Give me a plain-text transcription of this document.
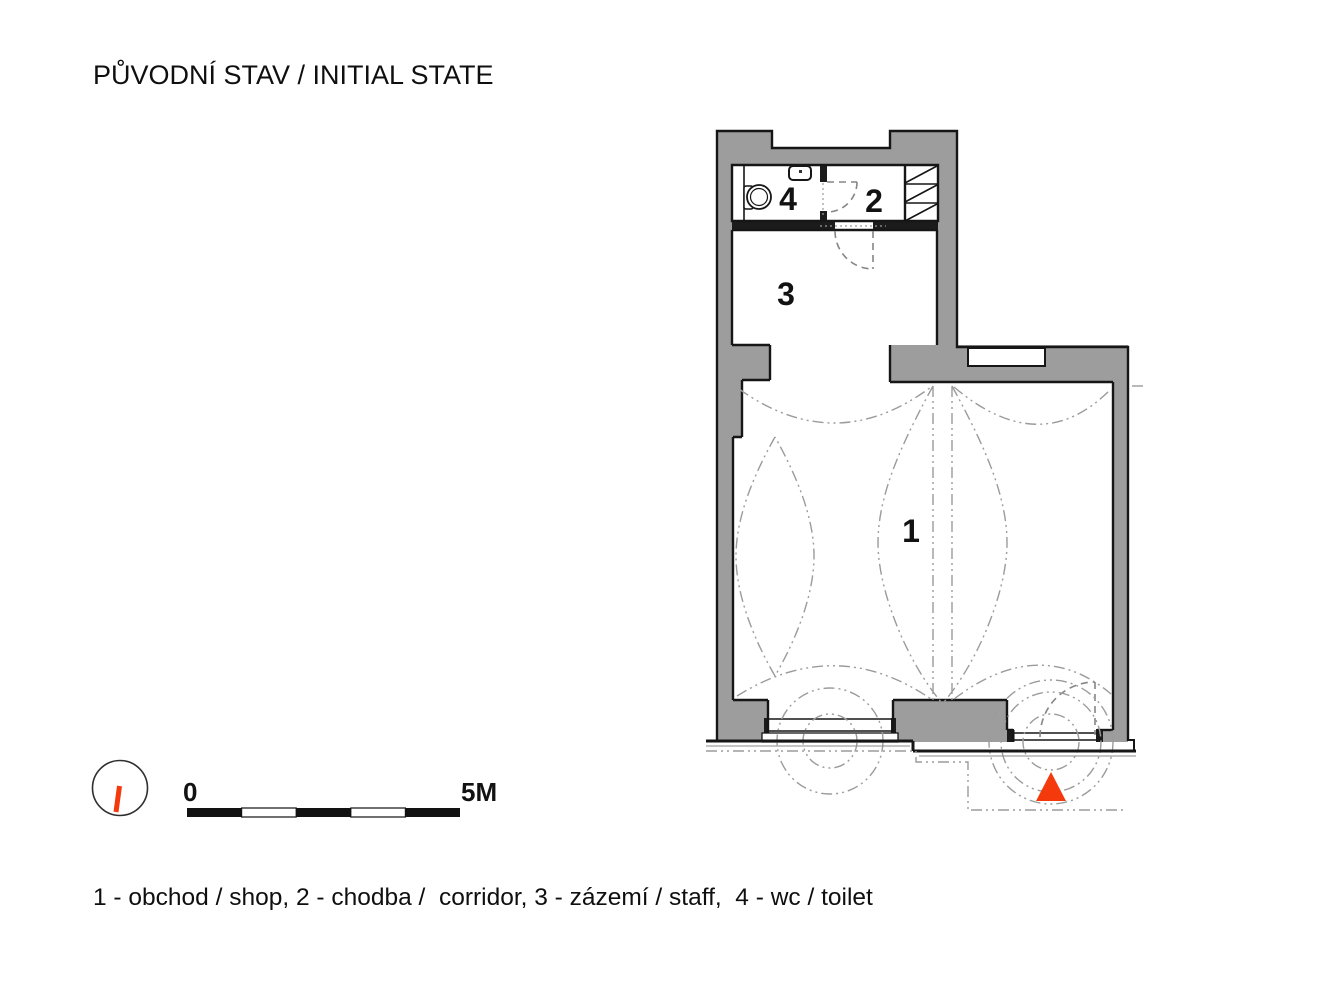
PŮVODNÍ STAV / INITIAL STATE
1
2
3
4
0	5M
1 - obchod / shop, 2 - chodba /  corridor, 3 - zázemí / staff,  4 - wc / toilet
